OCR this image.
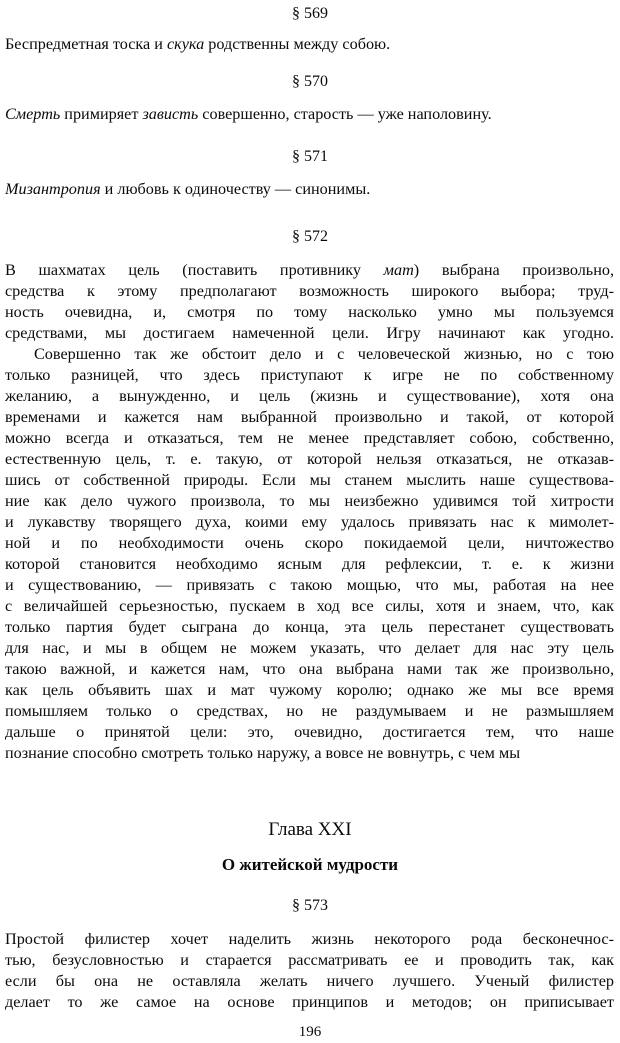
§ 569
Беспредметная тоска и скука родственны между собою.
§ 570
Смерть примиряет зависть совершенно, старость — уже наполовину.
§ 571
Мизантропия и любовь к одиночеству — синонимы.
§ 572
В шахматах цель (поставить противнику мат) выбрана произвольно,
средства к этому предполагают возможность широкого выбора; труд-
ность очевидна, и, смотря по тому насколько умно мы пользуемся
средствами, мы достигаем намеченной цели. Игру начинают как угодно.
Совершенно так же обстоит дело и с человеческой жизнью, но с тою
только разницей, что здесь приступают к игре не по собственному
желанию, а вынужденно, и цель (жизнь и существование), хотя она
временами и кажется нам выбранной произвольно и такой, от которой
можно всегда и отказаться, тем не менее представляет собою, собственно,
естественную цель, т. е. такую, от которой нельзя отказаться, не отказав-
шись от собственной природы. Если мы станем мыслить наше существова-
ние как дело чужого произвола, то мы неизбежно удивимся той хитрости
и лукавству творящего духа, коими ему удалось привязать нас к мимолет-
ной и по необходимости очень скоро покидаемой цели, ничтожество
которой становится необходимо ясным для рефлексии, т. е. к жизни
и существованию, — привязать с такою мощью, что мы, работая на нее
с величайшей серьезностью, пускаем в ход все силы, хотя и знаем, что, как
только партия будет сыграна до конца, эта цель перестанет существовать
для нас, и мы в общем не можем указать, что делает для нас эту цель
такою важной, и кажется нам, что она выбрана нами так же произвольно,
как цель объявить шах и мат чужому королю; однако же мы все время
помышляем только о средствах, но не раздумываем и не размышляем
дальше о принятой цели: это, очевидно, достигается тем, что наше
познание способно смотреть только наружу, а вовсе не вовнутрь, с чем мы
Глава XXI
О житейской мудрости
§ 573
Простой филистер хочет наделить жизнь некоторого рода бесконечнос-
тью, безусловностью и старается рассматривать ее и проводить так, как
если бы она не оставляла желать ничего лучшего. Ученый филистер
делает то же самое на основе принципов и методов; он приписывает
196
